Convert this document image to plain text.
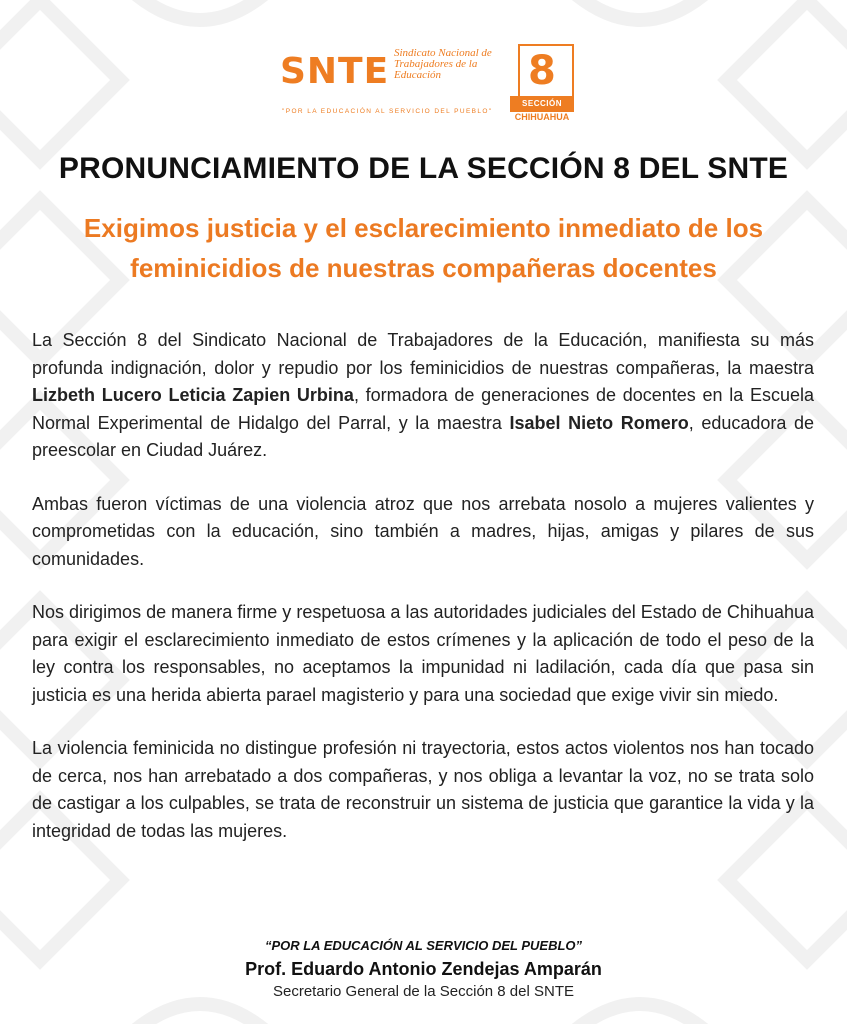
SNTE Sindicato Nacional de Trabajadores de la Educación
"POR LA EDUCACIÓN AL SERVICIO DEL PUEBLO"
8
SECCIÓN
CHIHUAHUA
PRONUNCIAMIENTO DE LA SECCIÓN 8 DEL SNTE
Exigimos justicia y el esclarecimiento inmediato de los feminicidios de nuestras compañeras docentes

La Sección 8 del Sindicato Nacional de Trabajadores de la Educación, manifiesta su más profunda indignación, dolor y repudio por los feminicidios de nuestras compañeras, la maestra Lizbeth Lucero Leticia Zapien Urbina, formadora de generaciones de docentes en la Escuela Normal Experimental de Hidalgo del Parral, y la maestra Isabel Nieto Romero, educadora de preescolar en Ciudad Juárez.

Ambas fueron víctimas de una violencia atroz que nos arrebata nosolo a mujeres valientes y comprometidas con la educación, sino también a madres, hijas, amigas y pilares de sus comunidades.

Nos dirigimos de manera firme y respetuosa a las autoridades judiciales del Estado de Chihuahua para exigir el esclarecimiento inmediato de estos crímenes y la aplicación de todo el peso de la ley contra los responsables, no aceptamos la impunidad ni ladilación, cada día que pasa sin justicia es una herida abierta parael magisterio y para una sociedad que exige vivir sin miedo.

La violencia feminicida no distingue profesión ni trayectoria, estos actos violentos nos han tocado de cerca, nos han arrebatado a dos compañeras, y nos obliga a levantar la voz, no se trata solo de castigar a los culpables, se trata de reconstruir un sistema de justicia que garantice la vida y la integridad de todas las mujeres.

“POR LA EDUCACIÓN AL SERVICIO DEL PUEBLO”
Prof. Eduardo Antonio Zendejas Amparán
Secretario General de la Sección 8 del SNTE
